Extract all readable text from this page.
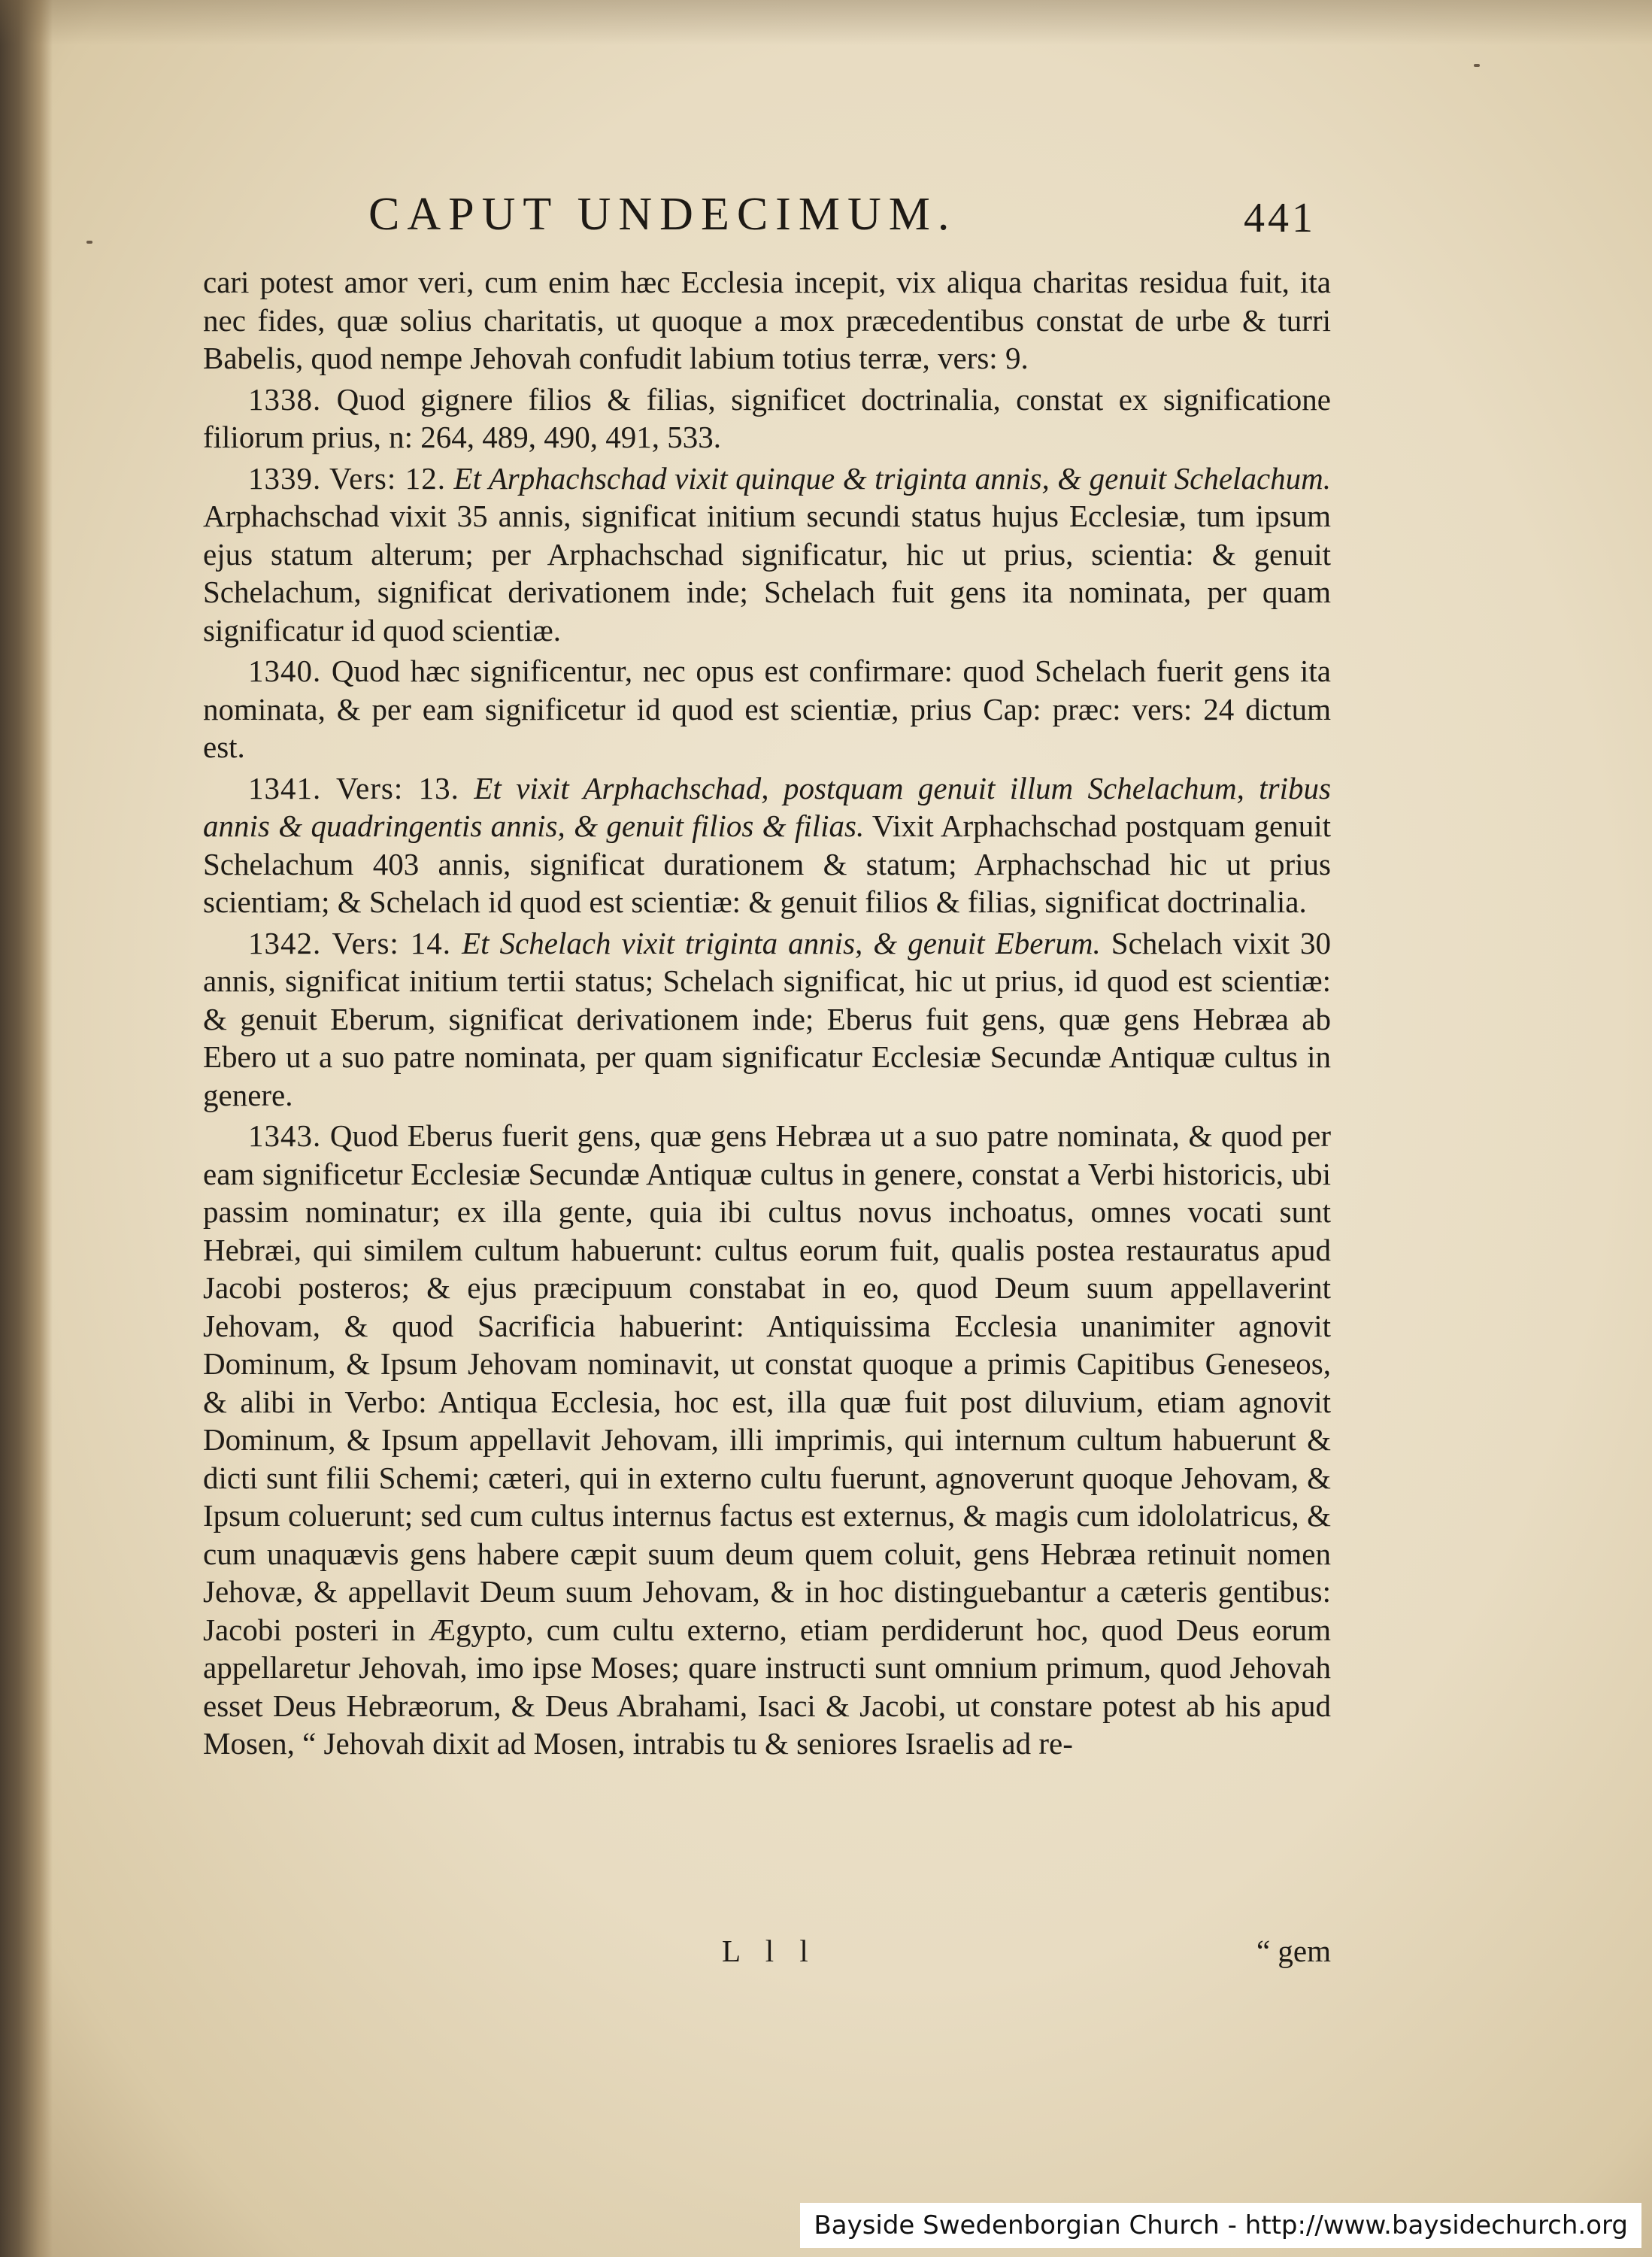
CAPUT UNDECIMUM.	441

cari potest amor veri, cum enim hæc Ecclesia incepit, vix aliqua charitas residua fuit, ita nec fides, quæ solius charitatis, ut quoque a mox præcedentibus constat de urbe & turri Babelis, quod nempe Jehovah confudit labium totius terræ, vers: 9.

1338. Quod gignere filios & filias, significet doctrinalia, constat ex significatione filiorum prius, n: 264, 489, 490, 491, 533.

1339. Vers: 12. Et Arphachschad vixit quinque & triginta annis, & genuit Schelachum. Arphachschad vixit 35 annis, significat initium secundi status hujus Ecclesiæ, tum ipsum ejus statum alterum; per Arphachschad significatur, hic ut prius, scientia: & genuit Schelachum, significat derivationem inde; Schelach fuit gens ita nominata, per quam significatur id quod scientiæ.

1340. Quod hæc significentur, nec opus est confirmare: quod Schelach fuerit gens ita nominata, & per eam significetur id quod est scientiæ, prius Cap: præc: vers: 24 dictum est.

1341. Vers: 13. Et vixit Arphachschad, postquam genuit illum Schelachum, tribus annis & quadringentis annis, & genuit filios & filias. Vixit Arphachschad postquam genuit Schelachum 403 annis, significat durationem & statum; Arphachschad hic ut prius scientiam; & Schelach id quod est scientiæ: & genuit filios & filias, significat doctrinalia.

1342. Vers: 14. Et Schelach vixit triginta annis, & genuit Eberum. Schelach vixit 30 annis, significat initium tertii status; Schelach significat, hic ut prius, id quod est scientiæ: & genuit Eberum, significat derivationem inde; Eberus fuit gens, quæ gens Hebræa ab Ebero ut a suo patre nominata, per quam significatur Ecclesiæ Secundæ Antiquæ cultus in genere.

1343. Quod Eberus fuerit gens, quæ gens Hebræa ut a suo patre nominata, & quod per eam significetur Ecclesiæ Secundæ Antiquæ cultus in genere, constat a Verbi historicis, ubi passim nominatur; ex illa gente, quia ibi cultus novus inchoatus, omnes vocati sunt Hebræi, qui similem cultum habuerunt: cultus eorum fuit, qualis postea restauratus apud Jacobi posteros; & ejus præcipuum constabat in eo, quod Deum suum appellaverint Jehovam, & quod Sacrificia habuerint: Antiquissima Ecclesia unanimiter agnovit Dominum, & Ipsum Jehovam nominavit, ut constat quoque a primis Capitibus Geneseos, & alibi in Verbo: Antiqua Ecclesia, hoc est, illa quæ fuit post diluvium, etiam agnovit Dominum, & Ipsum appellavit Jehovam, illi imprimis, qui internum cultum habuerunt & dicti sunt filii Schemi; cæteri, qui in externo cultu fuerunt, agnoverunt quoque Jehovam, & Ipsum coluerunt; sed cum cultus internus factus est externus, & magis cum idololatricus, & cum unaquævis gens habere cæpit suum deum quem coluit, gens Hebræa retinuit nomen Jehovæ, & appellavit Deum suum Jehovam, & in hoc distinguebantur a cæteris gentibus: Jacobi posteri in Ægypto, cum cultu externo, etiam perdiderunt hoc, quod Deus eorum appellaretur Jehovah, imo ipse Moses; quare instructi sunt omnium primum, quod Jehovah esset Deus Hebræorum, & Deus Abrahami, Isaci & Jacobi, ut constare potest ab his apud Mosen, “ Jehovah dixit ad Mosen, intrabis tu & seniores Israelis ad re-

L l l	“ gem
Bayside Swedenborgian Church - http://www.baysidechurch.org
